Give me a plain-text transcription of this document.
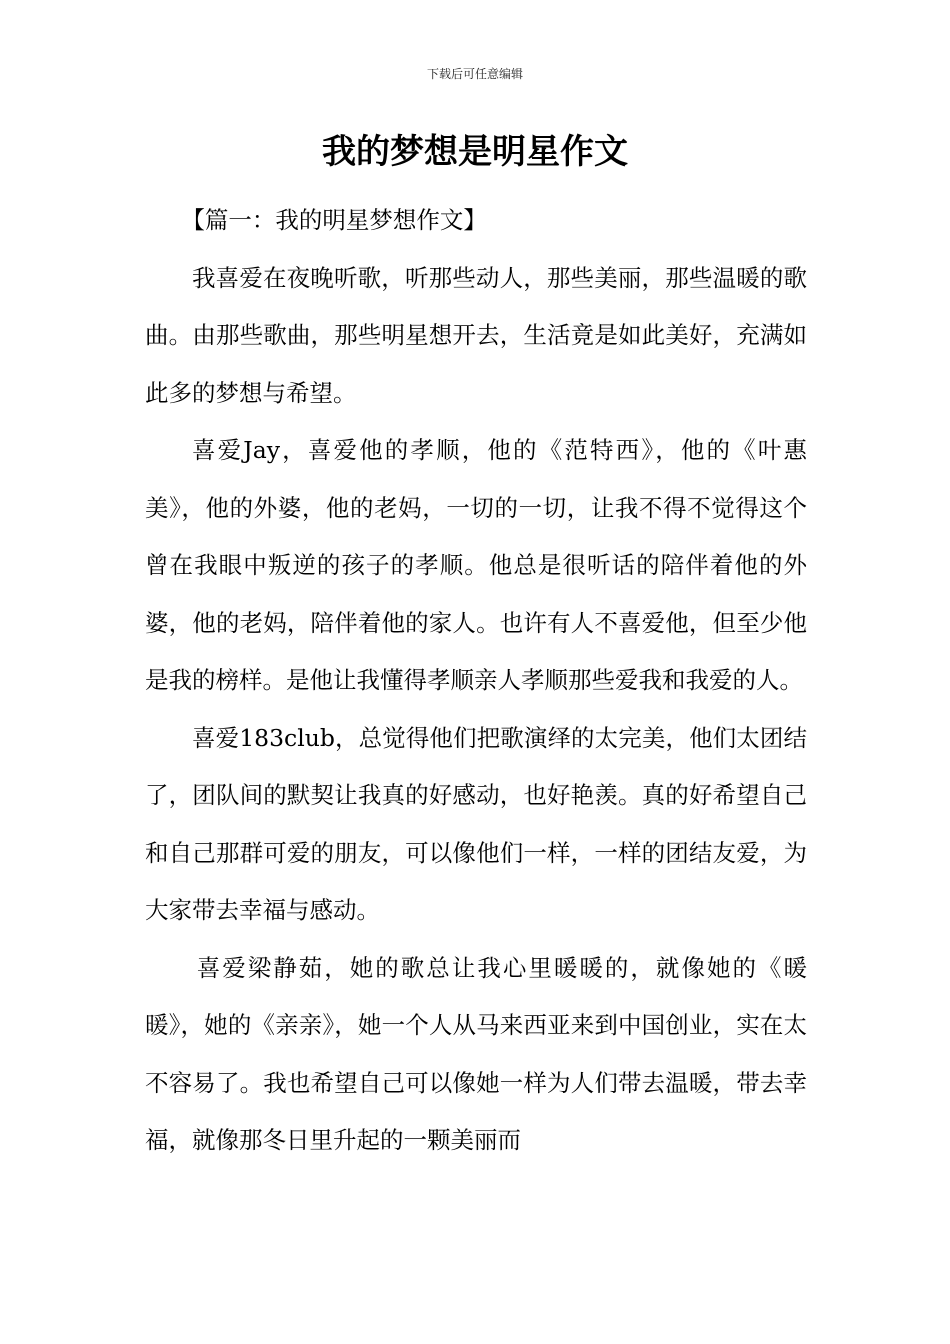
下载后可任意编辑
我的梦想是明星作文

【篇一：我的明星梦想作文】

我喜爱在夜晚听歌，听那些动人，那些美丽，那些温暖的歌曲。由那些歌曲，那些明星想开去，生活竟是如此美好，充满如此多的梦想与希望。

喜爱Jay，喜爱他的孝顺，他的《范特西》，他的《叶惠美》，他的外婆，他的老妈，一切的一切，让我不得不觉得这个曾在我眼中叛逆的孩子的孝顺。他总是很听话的陪伴着他的外婆，他的老妈，陪伴着他的家人。也许有人不喜爱他，但至少他是我的榜样。是他让我懂得孝顺亲人孝顺那些爱我和我爱的人。

喜爱183club，总觉得他们把歌演绎的太完美，他们太团结了，团队间的默契让我真的好感动，也好艳羡。真的好希望自己和自己那群可爱的朋友，可以像他们一样，一样的团结友爱，为大家带去幸福与感动。

喜爱梁静茹，她的歌总让我心里暖暖的，就像她的《暖暖》，她的《亲亲》，她一个人从马来西亚来到中国创业，实在太不容易了。我也希望自己可以像她一样为人们带去温暖，带去幸福，就像那冬日里升起的一颗美丽而
